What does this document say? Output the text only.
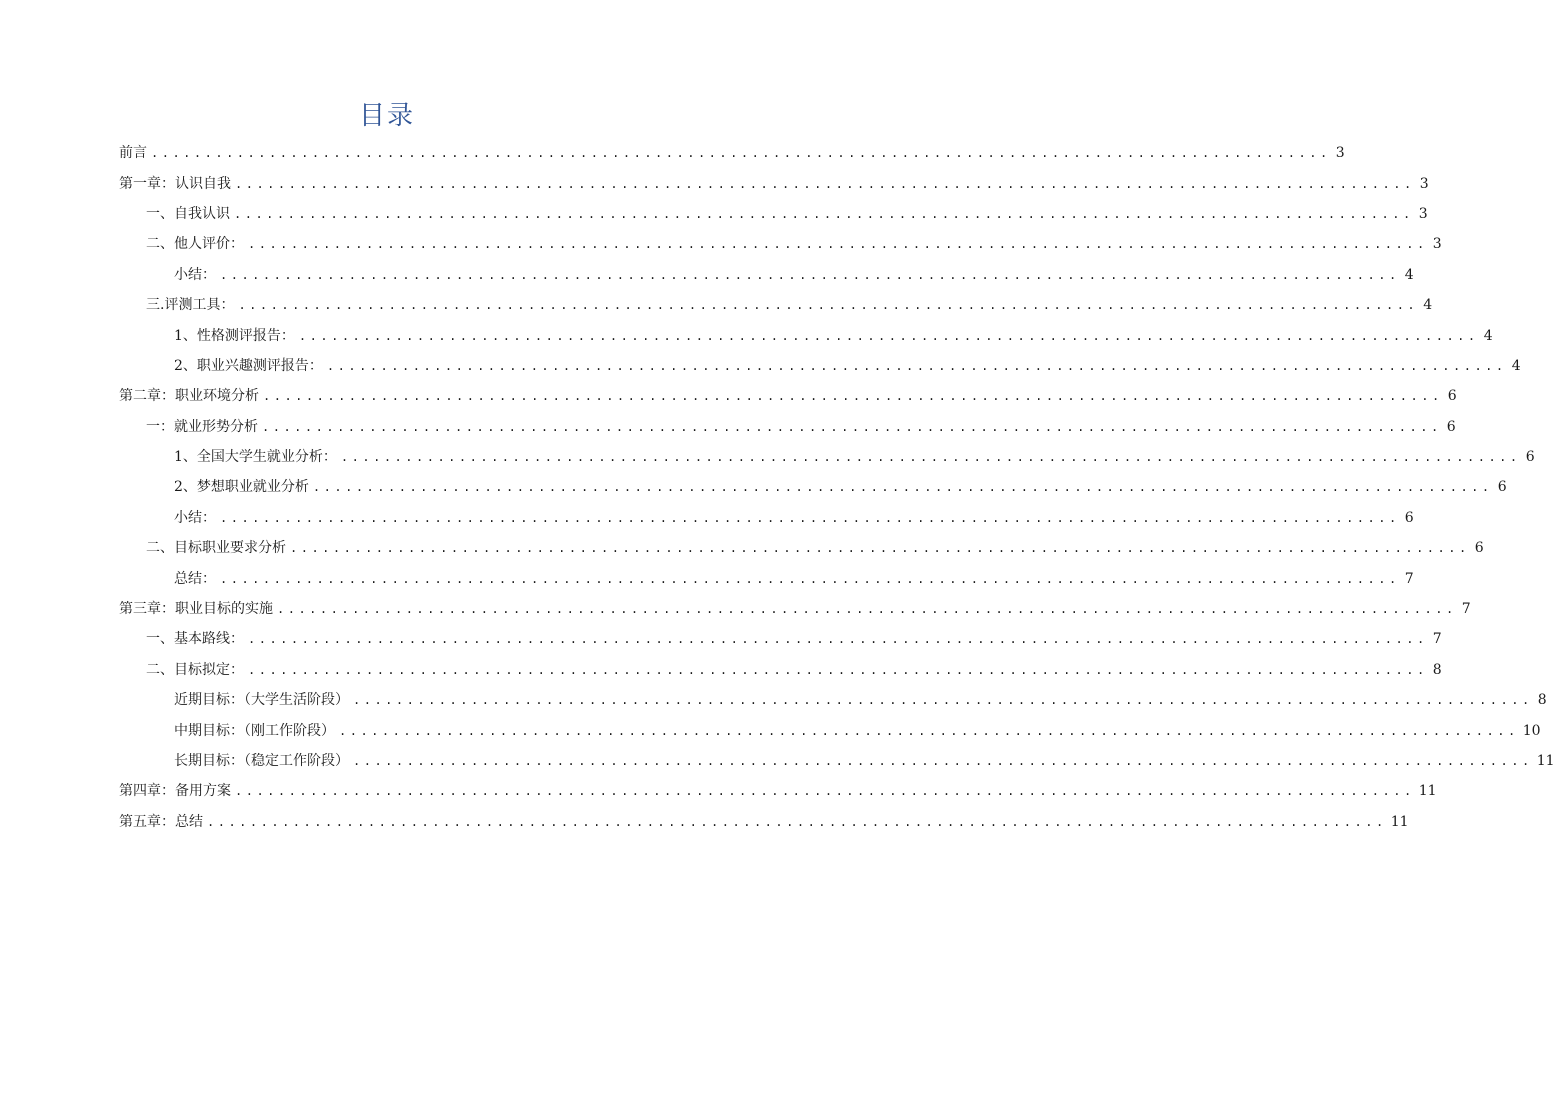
目录
前言 .............................................................................................................. 3
第一章：认识自我 .............................................................................................................. 3
一、自我认识 .............................................................................................................. 3
二、他人评价： .............................................................................................................. 3
小结： .............................................................................................................. 4
三.评测工具： .............................................................................................................. 4
1、性格测评报告： .............................................................................................................. 4
2、职业兴趣测评报告： .............................................................................................................. 4
第二章：职业环境分析 .............................................................................................................. 6
一：就业形势分析 .............................................................................................................. 6
1、全国大学生就业分析： .............................................................................................................. 6
2、梦想职业就业分析 .............................................................................................................. 6
小结： .............................................................................................................. 6
二、目标职业要求分析 .............................................................................................................. 6
总结： .............................................................................................................. 7
第三章：职业目标的实施 .............................................................................................................. 7
一、基本路线： .............................................................................................................. 7
二、目标拟定： .............................................................................................................. 8
近期目标：（大学生活阶段） .............................................................................................................. 8
中期目标：（刚工作阶段） .............................................................................................................. 10
长期目标：（稳定工作阶段） .............................................................................................................. 11
第四章：备用方案 .............................................................................................................. 11
第五章：总结 .............................................................................................................. 11
